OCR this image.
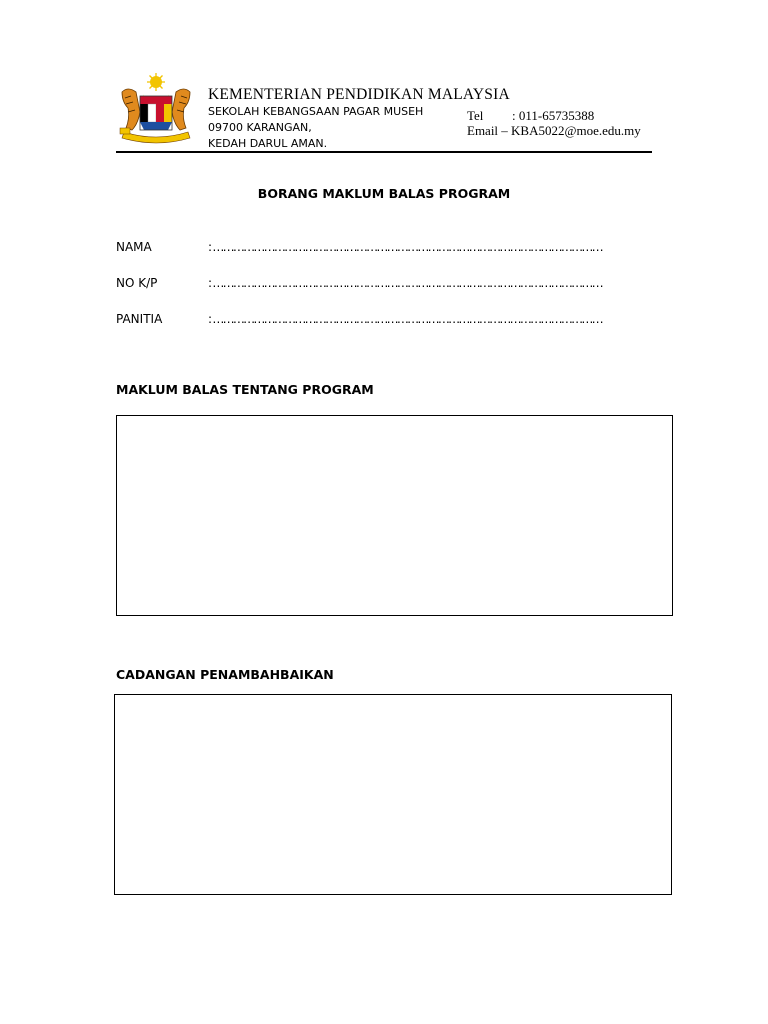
KEMENTERIAN PENDIDIKAN MALAYSIA
SEKOLAH KEBANGSAAN PAGAR MUSEH
09700 KARANGAN,
KEDAH DARUL AMAN.
Tel : 011-65735388
Email – KBA5022@moe.edu.my
BORANG MAKLUM BALAS PROGRAM
NAMA	: ……………………………………………………………………………………………………
NO K/P	: ……………………………………………………………………………………………………
PANITIA	: ……………………………………………………………………………………………………
MAKLUM BALAS TENTANG PROGRAM
CADANGAN PENAMBAHBAIKAN
